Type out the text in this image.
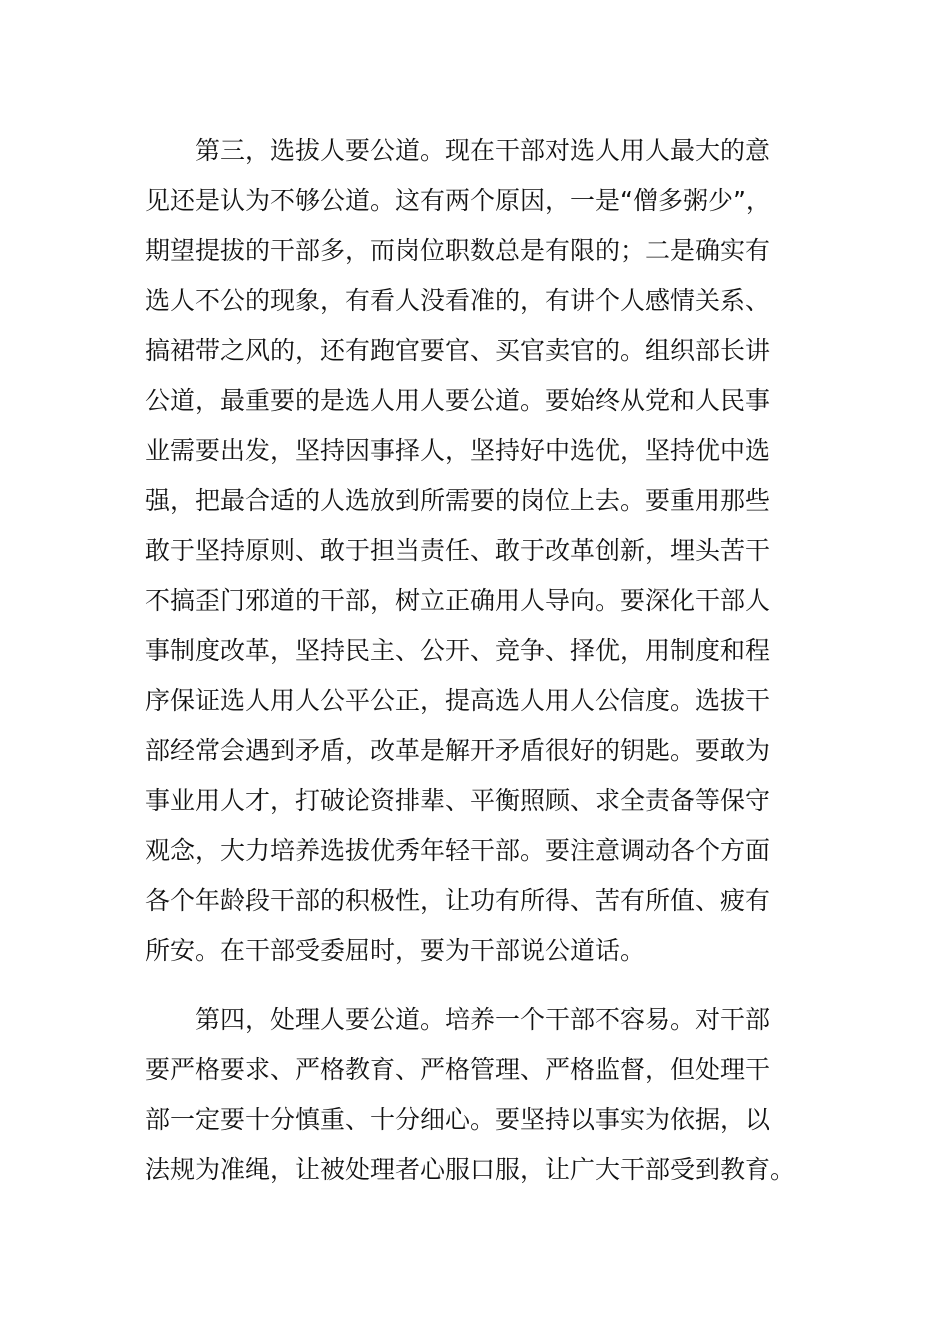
第三，选拔人要公道。现在干部对选人用人最大的意
见还是认为不够公道。这有两个原因，一是“僧多粥少”，
期望提拔的干部多，而岗位职数总是有限的；二是确实有
选人不公的现象，有看人没看准的，有讲个人感情关系、
搞裙带之风的，还有跑官要官、买官卖官的。组织部长讲
公道，最重要的是选人用人要公道。要始终从党和人民事
业需要出发，坚持因事择人，坚持好中选优，坚持优中选
强，把最合适的人选放到所需要的岗位上去。要重用那些
敢于坚持原则、敢于担当责任、敢于改革创新，埋头苦干
不搞歪门邪道的干部，树立正确用人导向。要深化干部人
事制度改革，坚持民主、公开、竞争、择优，用制度和程
序保证选人用人公平公正，提高选人用人公信度。选拔干
部经常会遇到矛盾，改革是解开矛盾很好的钥匙。要敢为
事业用人才，打破论资排辈、平衡照顾、求全责备等保守
观念，大力培养选拔优秀年轻干部。要注意调动各个方面
各个年龄段干部的积极性，让功有所得、苦有所值、疲有
所安。在干部受委屈时，要为干部说公道话。
第四，处理人要公道。培养一个干部不容易。对干部
要严格要求、严格教育、严格管理、严格监督，但处理干
部一定要十分慎重、十分细心。要坚持以事实为依据，以
法规为准绳，让被处理者心服口服，让广大干部受到教育。
